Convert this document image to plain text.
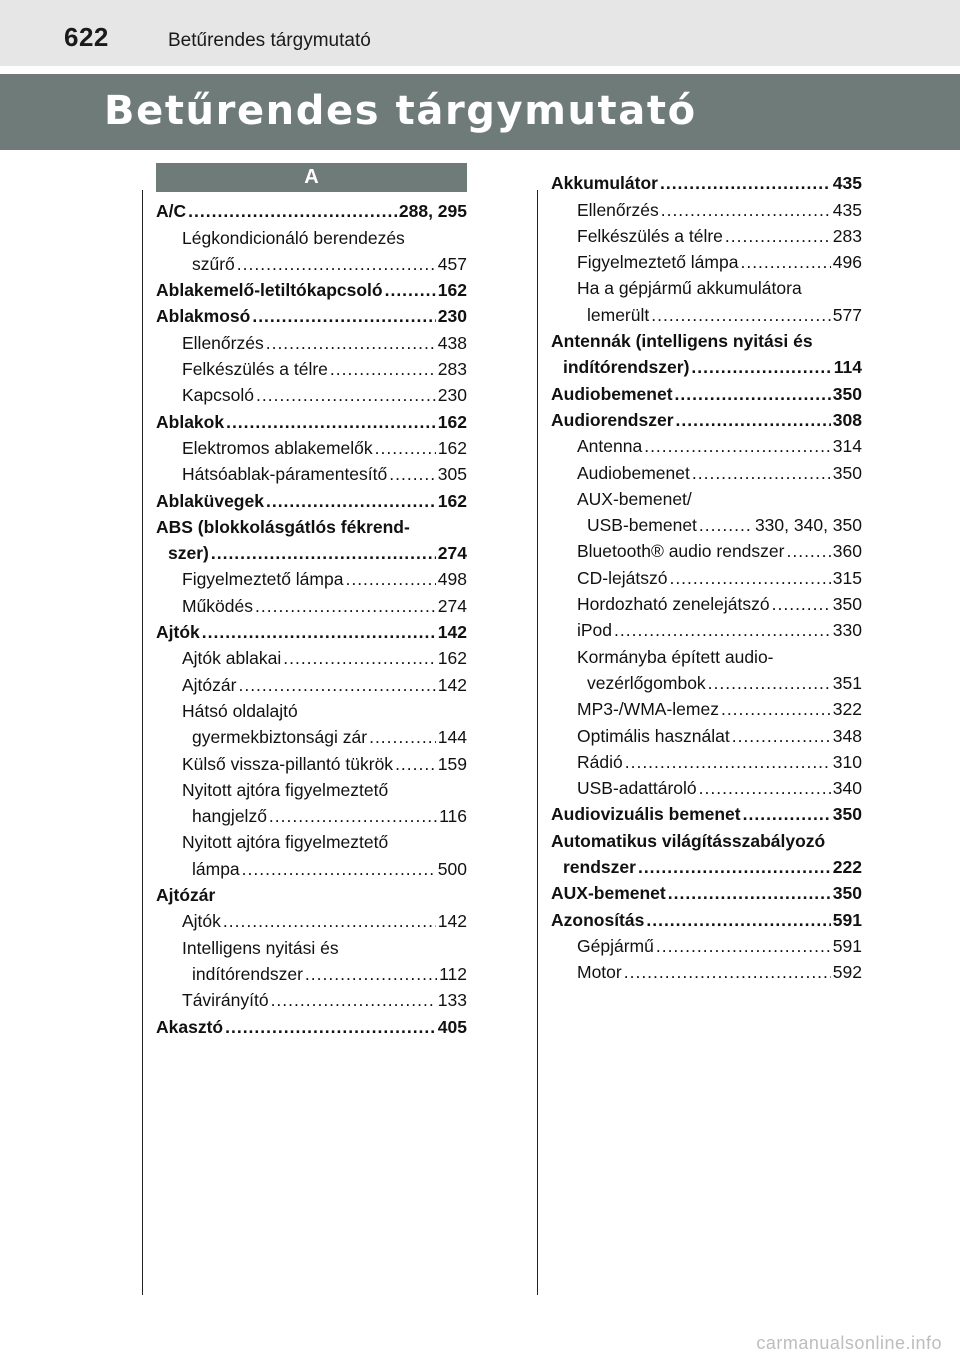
622	Betűrendes tárgymutató
Betűrendes tárgymutató
A
A/C .....	288, 295
Légkondicionáló berendezés
szűrő .....	457
Ablakemelő-letiltókapcsoló .....	162
Ablakmosó .....	230
Ellenőrzés .....	438
Felkészülés a télre .....	283
Kapcsoló .....	230
Ablakok .....	162
Elektromos ablakemelők .....	162
Hátsóablak-páramentesítő .....	305
Ablaküvegek .....	162
ABS (blokkolásgátlós fékrend-
szer) .....	274
Figyelmeztető lámpa .....	498
Működés .....	274
Ajtók .....	142
Ajtók ablakai .....	162
Ajtózár .....	142
Hátsó oldalajtó
gyermekbiztonsági zár .....	144
Külső vissza-pillantó tükrök .....	159
Nyitott ajtóra figyelmeztető
hangjelző .....	116
Nyitott ajtóra figyelmeztető
lámpa .....	500
Ajtózár
Ajtók .....	142
Intelligens nyitási és
indítórendszer .....	112
Távirányító .....	133
Akasztó .....	405
Akkumulátor .....	435
Ellenőrzés .....	435
Felkészülés a télre .....	283
Figyelmeztető lámpa .....	496
Ha a gépjármű akkumulátora
lemerült .....	577
Antennák (intelligens nyitási és
indítórendszer) .....	114
Audiobemenet .....	350
Audiorendszer .....	308
Antenna .....	314
Audiobemenet .....	350
AUX-bemenet/
USB-bemenet .....	330, 340, 350
Bluetooth® audio rendszer .....	360
CD-lejátszó .....	315
Hordozható zenelejátszó .....	350
iPod .....	330
Kormányba épített audio-
vezérlőgombok .....	351
MP3-/WMA-lemez .....	322
Optimális használat .....	348
Rádió .....	310
USB-adattároló .....	340
Audiovizuális bemenet .....	350
Automatikus világításszabályozó
rendszer .....	222
AUX-bemenet .....	350
Azonosítás .....	591
Gépjármű .....	591
Motor .....	592
carmanualsonline.info
